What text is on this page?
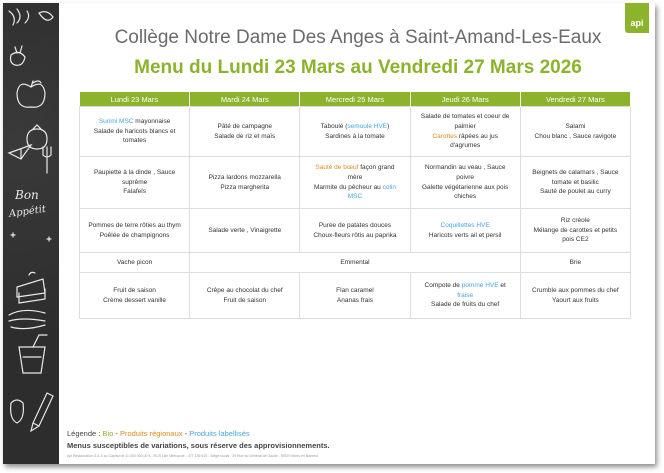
Bon
Appétit
api
Collège Notre Dame Des Anges à Saint-Amand-Les-Eaux
Menu du Lundi 23 Mars au Vendredi 27 Mars 2026
Lundi 23 Mars	Mardi 24 Mars	Mercredi 25 Mars	Jeudi 26 Mars	Vendredi 27 Mars

Surimi MSC mayonnaise
Salade de haricots blancs et
tomates	Pâté de campagne
Salade de riz et maïs	Taboulé (semoule HVE)
Sardines à la tomate	Salade de tomates et coeur de
palmier
Carottes râpées au jus
d'agrumes	Salami
Chou blanc , Sauce ravigote

Paupiette à la dinde , Sauce
suprême
Falafels	Pizza lardons mozzarella
Pizza margherita	Sauté de bœuf façon grand
mère
Marmite du pêcheur au colin
MSC	Normandin au veau , Sauce
poivre
Galette végétarienne aux pois
chiches	Beignets de calamars , Sauce
tomate et basilic
Sauté de poulet au curry

Pommes de terre rôties au thym
Poêlée de champignons	Salade verte , Vinaigrette	Purée de patates douces
Choux-fleurs rôtis au paprika	Coquillettes HVE
Haricots verts ail et persil	Riz créole
Mélange de carottes et petits
pois CE2

Vache picon	Emmental			Brie

Fruit de saison
Crème dessert vanille	Crêpe au chocolat du chef
Fruit de saison	Flan caramel
Ananas frais	Compote de pomme HVE et
fraise
Salade de fruits du chef	Crumble aux pommes du chef
Yaourt aux fruits
Légende : Bio - Produits régionaux - Produits labellisés
Menus susceptibles de variations, sous réserve des approvisionnements.
Api Restauration S.A.S au Capital de 11 000 000,00 € - RCS Lille Métropole - 477 136 610 - Siège social : 39 Rue du Général de Gaulle - 59370 Mons en Baroeul
